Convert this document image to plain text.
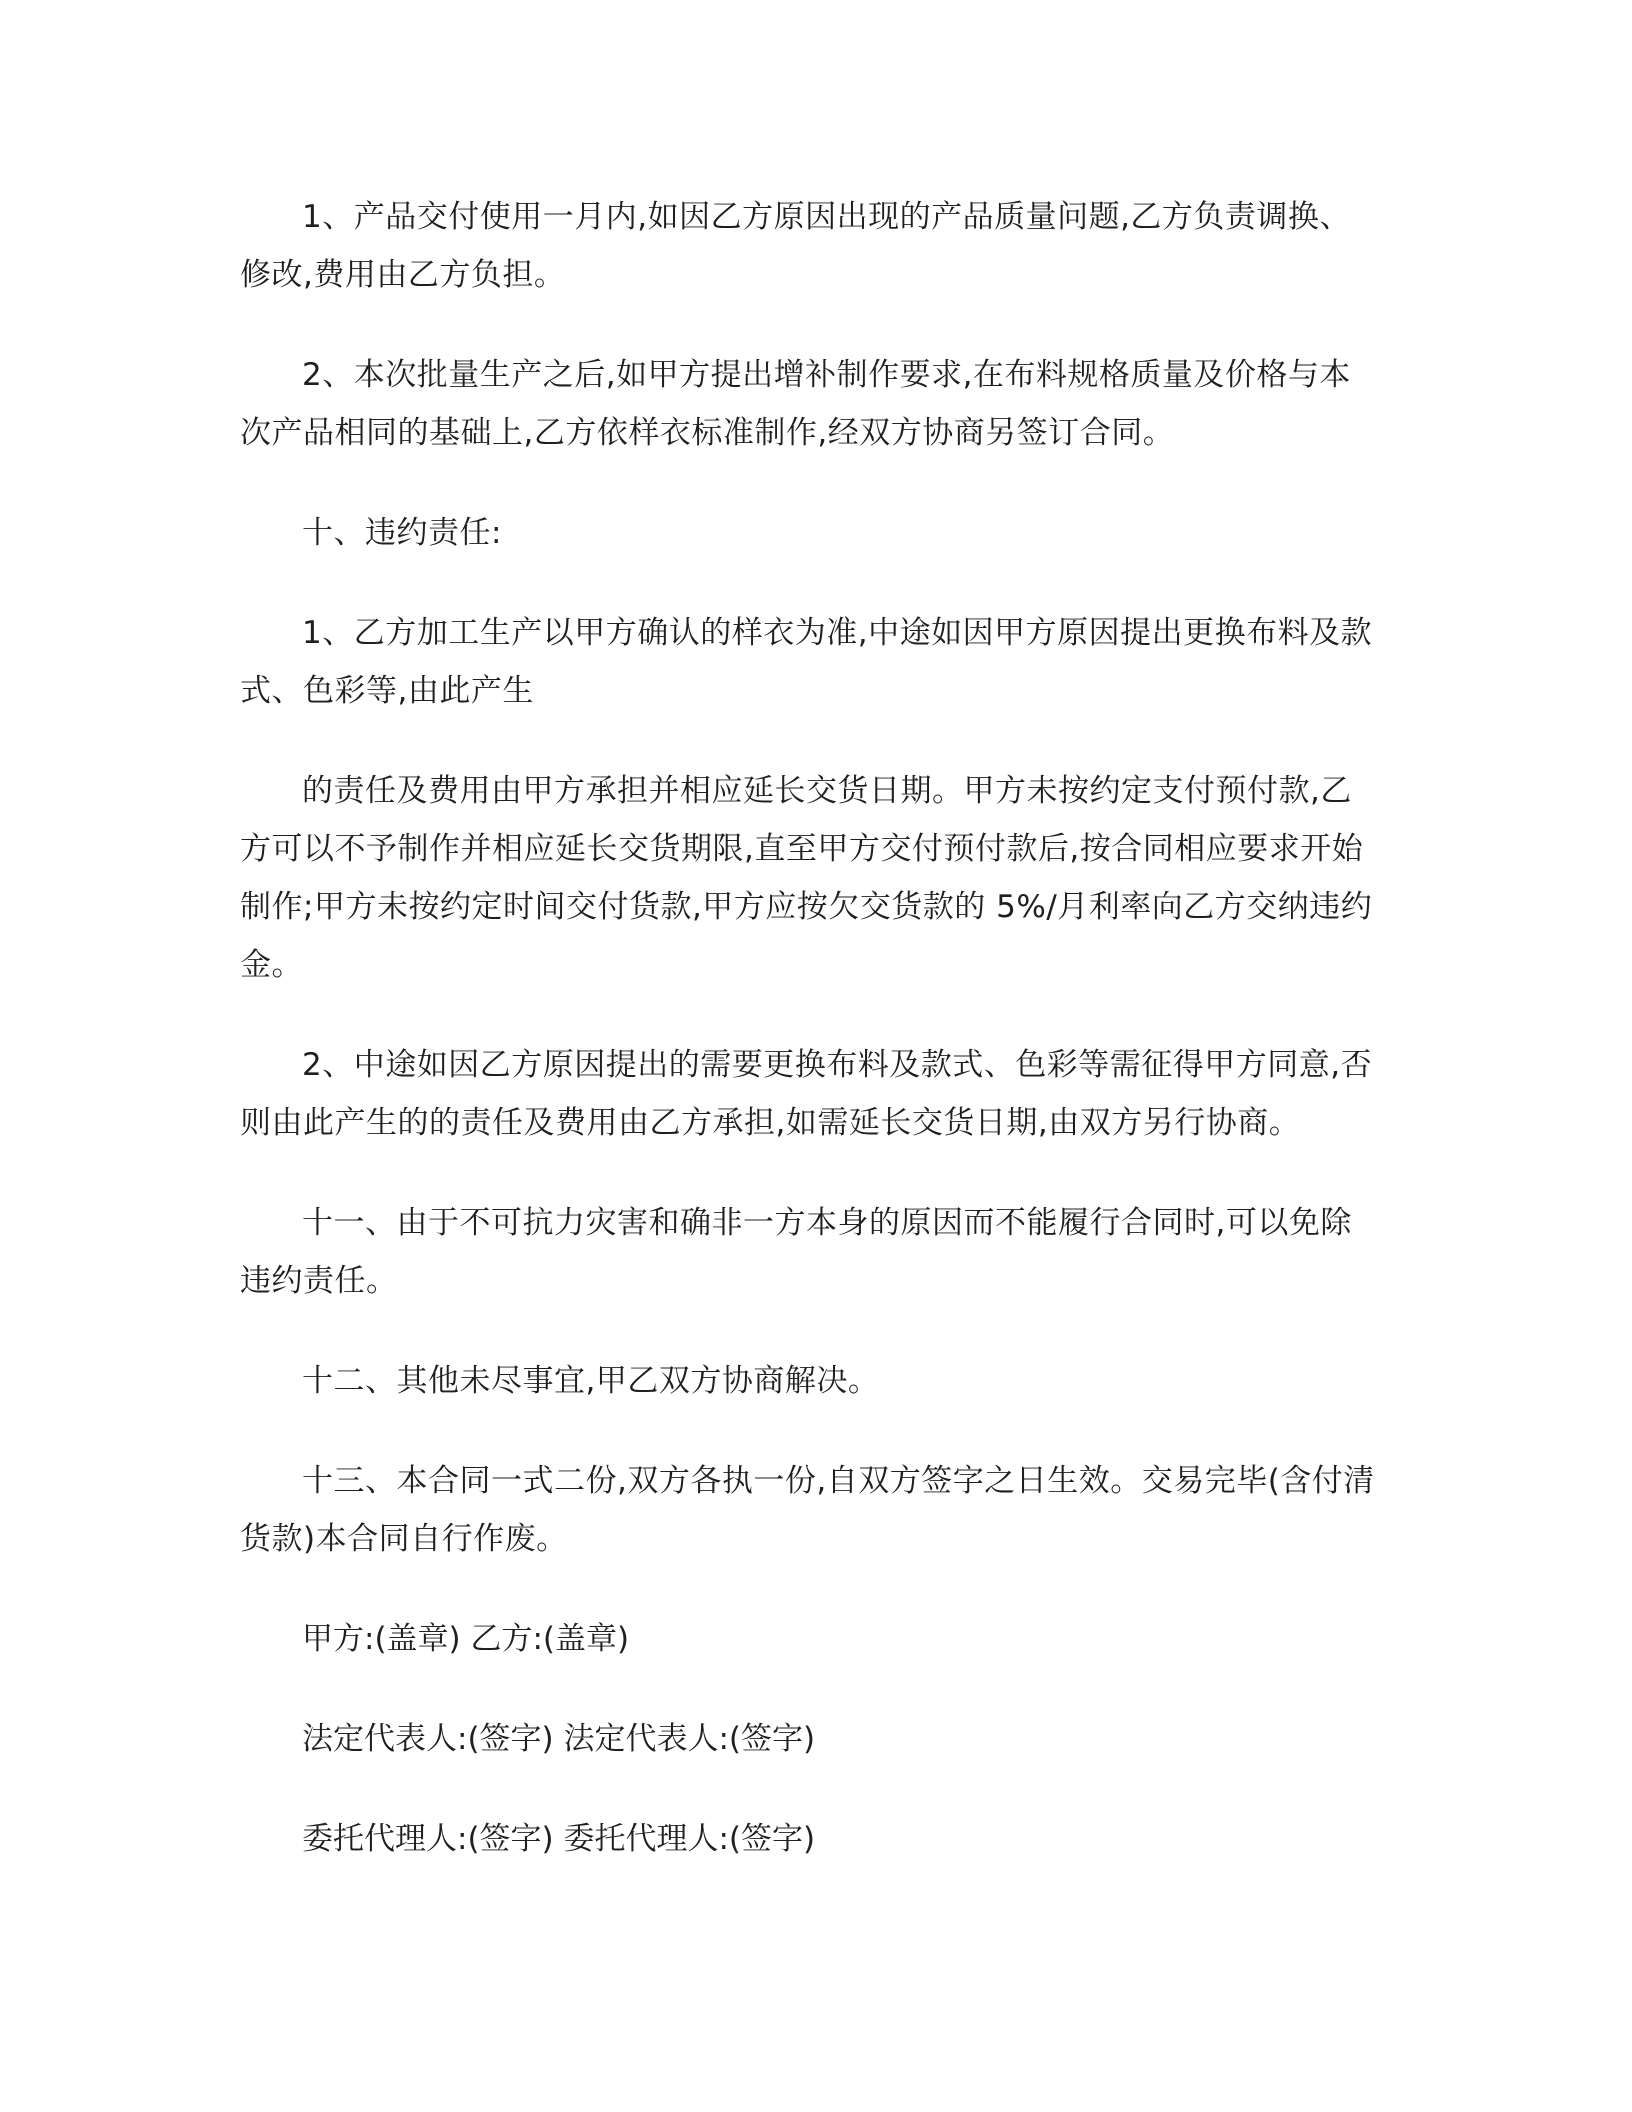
1、产品交付使用一月内,如因乙方原因出现的产品质量问题,乙方负责调换、修改,费用由乙方负担。

2、本次批量生产之后,如甲方提出增补制作要求,在布料规格质量及价格与本次产品相同的基础上,乙方依样衣标准制作,经双方协商另签订合同。

十、违约责任:

1、乙方加工生产以甲方确认的样衣为准,中途如因甲方原因提出更换布料及款式、色彩等,由此产生

的责任及费用由甲方承担并相应延长交货日期。甲方未按约定支付预付款,乙方可以不予制作并相应延长交货期限,直至甲方交付预付款后,按合同相应要求开始制作;甲方未按约定时间交付货款,甲方应按欠交货款的 5%/月利率向乙方交纳违约金。

2、中途如因乙方原因提出的需要更换布料及款式、色彩等需征得甲方同意,否则由此产生的的责任及费用由乙方承担,如需延长交货日期,由双方另行协商。

十一、由于不可抗力灾害和确非一方本身的原因而不能履行合同时,可以免除违约责任。

十二、其他未尽事宜,甲乙双方协商解决。

十三、本合同一式二份,双方各执一份,自双方签字之日生效。交易完毕(含付清货款)本合同自行作废。

甲方:(盖章) 乙方:(盖章)

法定代表人:(签字) 法定代表人:(签字)

委托代理人:(签字) 委托代理人:(签字)
